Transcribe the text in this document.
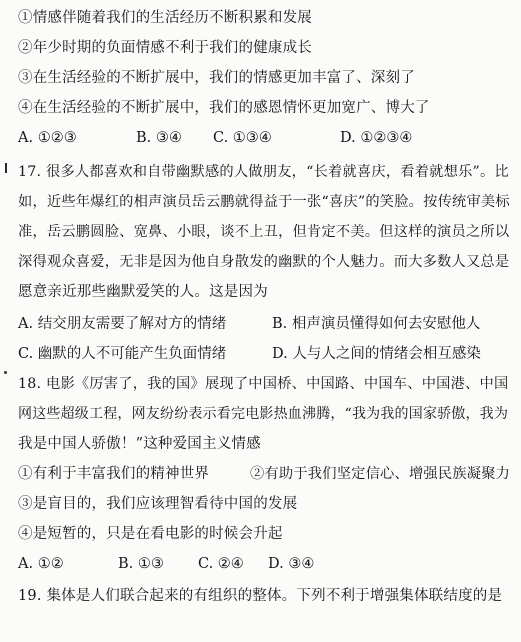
①情感伴随着我们的生活经历不断积累和发展
②年少时期的负面情感不利于我们的健康成长
③在生活经验的不断扩展中，我们的情感更加丰富了、深刻了
④在生活经验的不断扩展中，我们的感恩情怀更加宽广、博大了
A. ①②③	B. ③④ C. ①③④	D. ①②③④
17. 很多人都喜欢和自带幽默感的人做朋友，“长着就喜庆，看着就想乐”。比
如，近些年爆红的相声演员岳云鹏就得益于一张“喜庆”的笑脸。按传统审美标
准，岳云鹏圆脸、宽鼻、小眼，谈不上丑，但肯定不美。但这样的演员之所以
深得观众喜爱，无非是因为他自身散发的幽默的个人魅力。而大多数人又总是
愿意亲近那些幽默爱笑的人。这是因为
A. 结交朋友需要了解对方的情绪	B. 相声演员懂得如何去安慰他人
C. 幽默的人不可能产生负面情绪	D. 人与人之间的情绪会相互感染
18. 电影《厉害了，我的国》展现了中国桥、中国路、中国车、中国港、中国
网这些超级工程，网友纷纷表示看完电影热血沸腾，“我为我的国家骄傲，我为
我是中国人骄傲！”这种爱国主义情感
①有利于丰富我们的精神世界	②有助于我们坚定信心、增强民族凝聚力
③是盲目的，我们应该理智看待中国的发展
④是短暂的，只是在看电影的时候会升起
A. ①②	B. ①③ C. ②④ D. ③④
19. 集体是人们联合起来的有组织的整体。下列不利于增强集体联结度的是
